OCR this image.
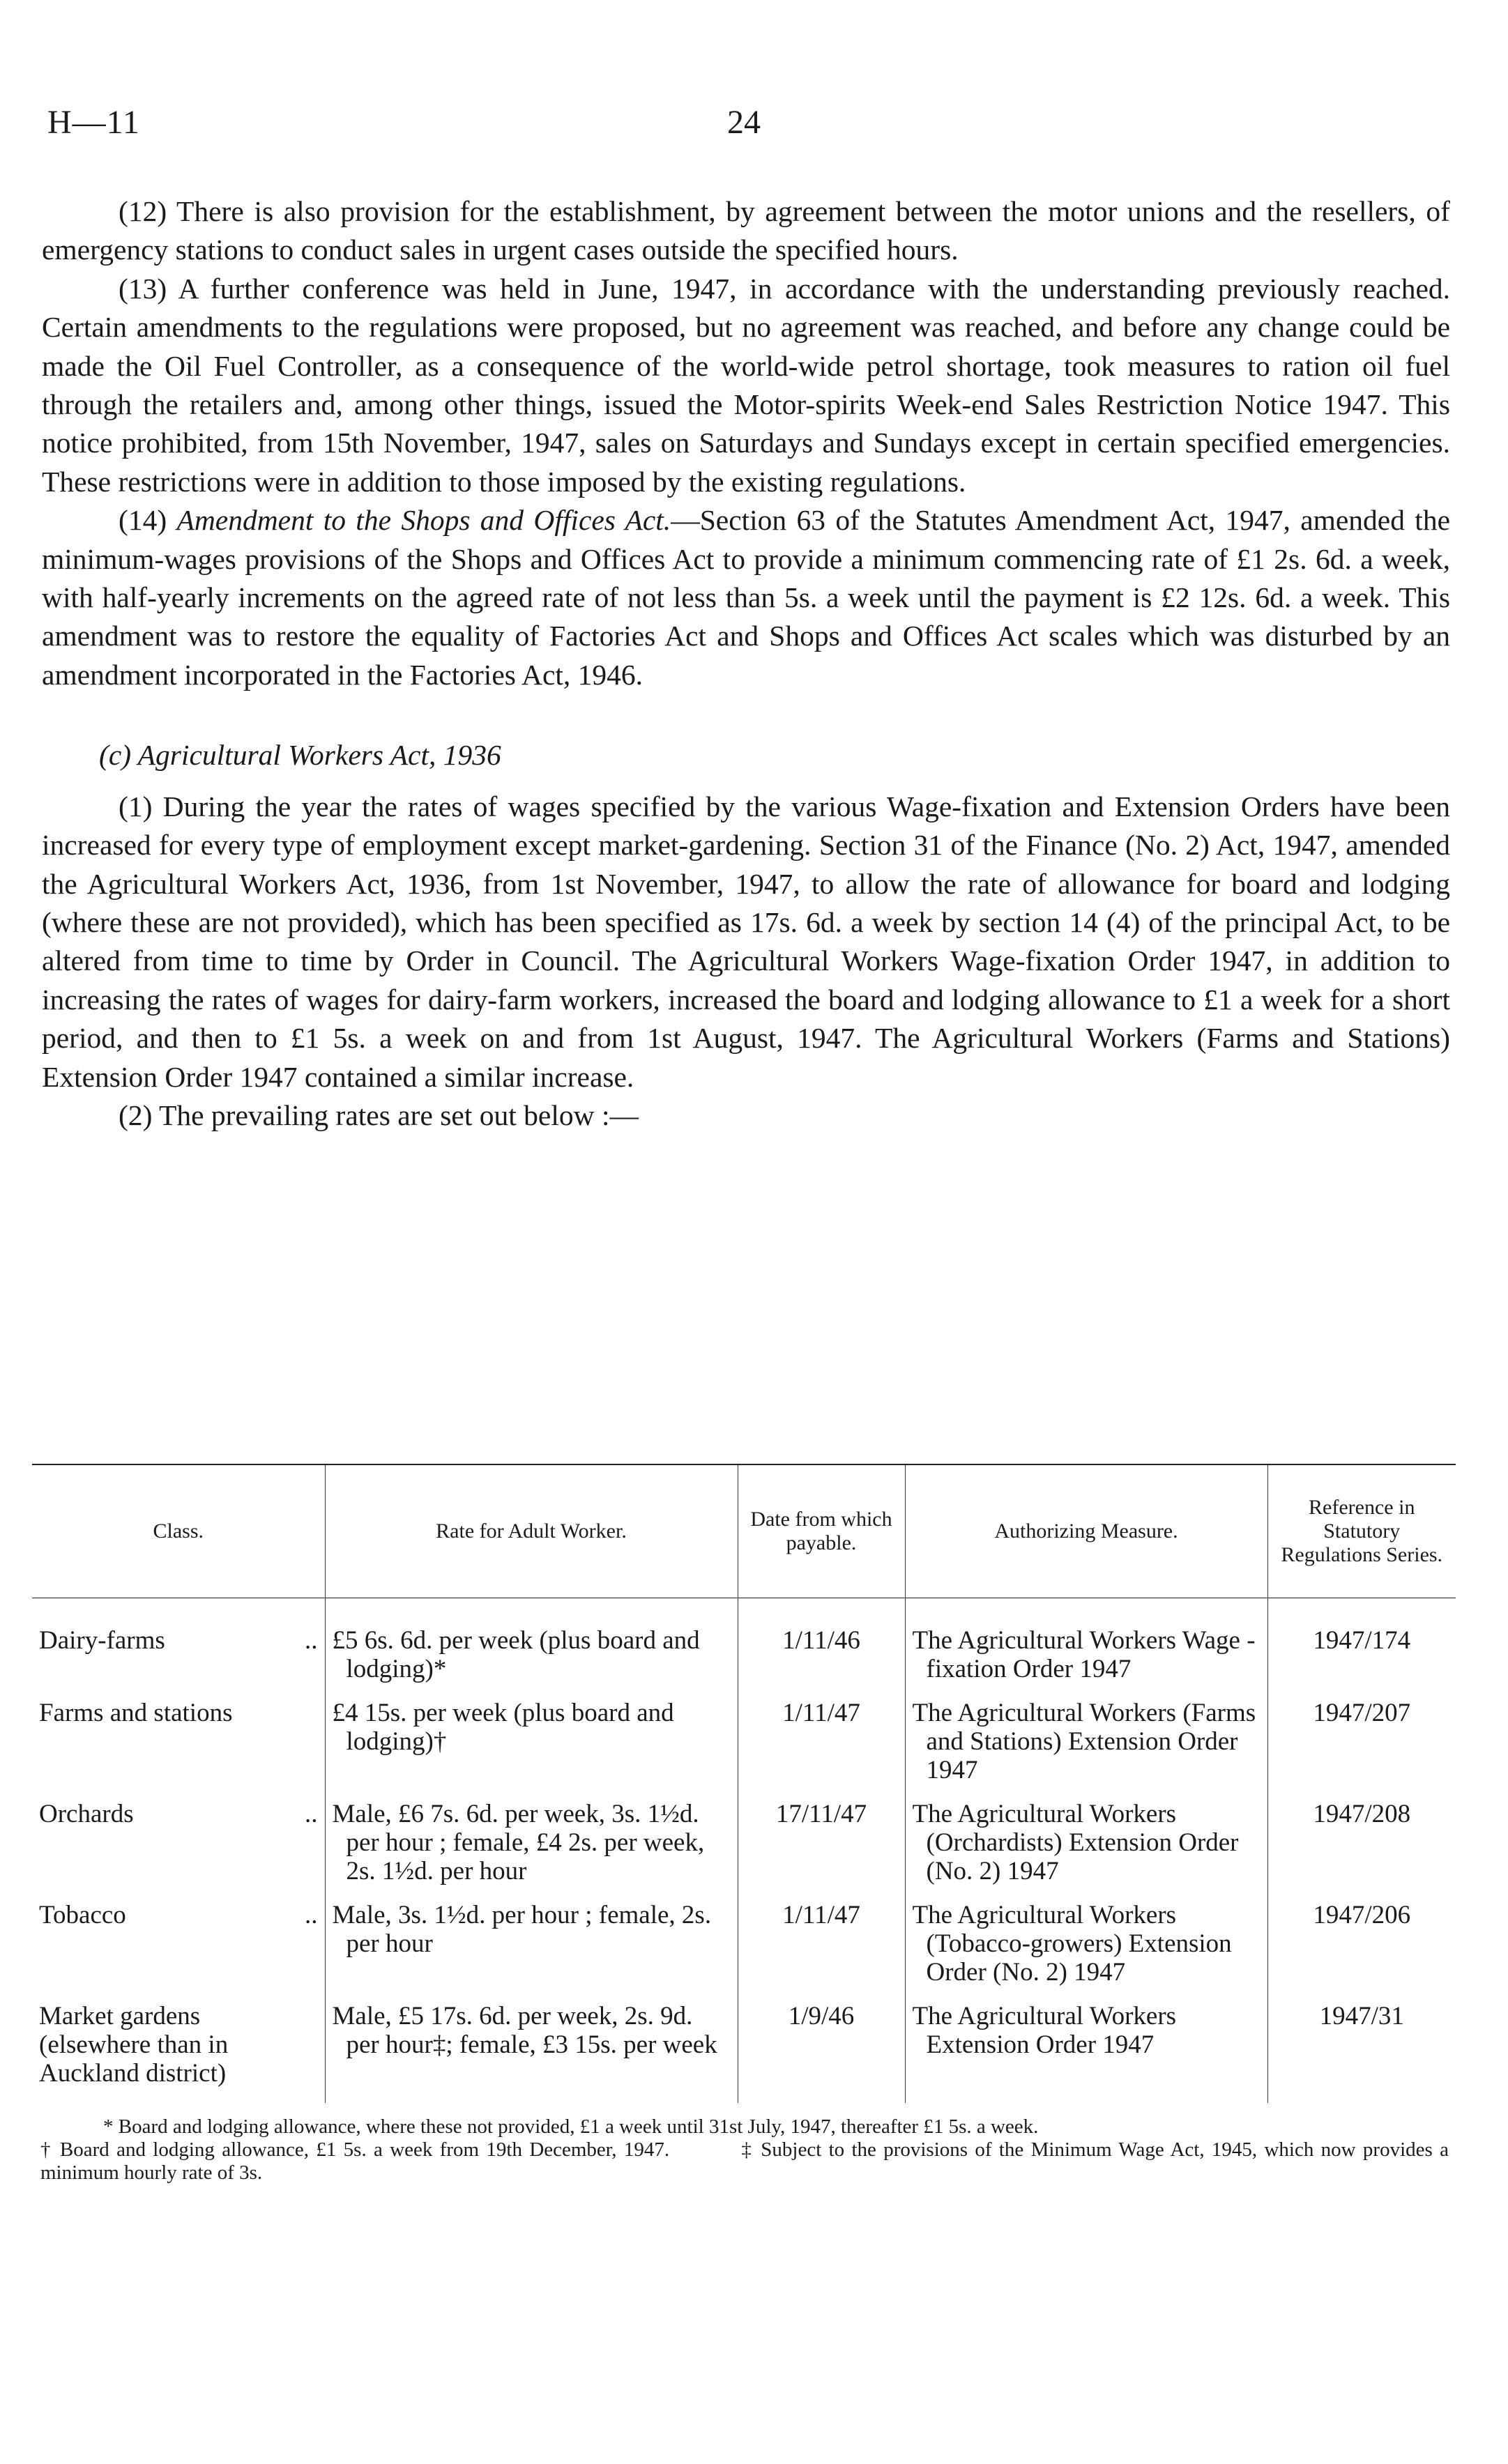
H—11	24

(12) There is also provision for the establishment, by agreement between the motor unions and the resellers, of emergency stations to conduct sales in urgent cases outside the specified hours.

(13) A further conference was held in June, 1947, in accordance with the understanding previously reached. Certain amendments to the regulations were proposed, but no agreement was reached, and before any change could be made the Oil Fuel Controller, as a consequence of the world-wide petrol shortage, took measures to ration oil fuel through the retailers and, among other things, issued the Motor-spirits Week-end Sales Restriction Notice 1947. This notice prohibited, from 15th November, 1947, sales on Saturdays and Sundays except in certain specified emergencies. These restrictions were in addition to those imposed by the existing regulations.

(14) Amendment to the Shops and Offices Act.—Section 63 of the Statutes Amendment Act, 1947, amended the minimum-wages provisions of the Shops and Offices Act to provide a minimum commencing rate of £1 2s. 6d. a week, with half-yearly increments on the agreed rate of not less than 5s. a week until the payment is £2 12s. 6d. a week. This amendment was to restore the equality of Factories Act and Shops and Offices Act scales which was disturbed by an amendment incorporated in the Factories Act, 1946.

(c) Agricultural Workers Act, 1936

(1) During the year the rates of wages specified by the various Wage-fixation and Extension Orders have been increased for every type of employment except market-gardening. Section 31 of the Finance (No. 2) Act, 1947, amended the Agricultural Workers Act, 1936, from 1st November, 1947, to allow the rate of allowance for board and lodging (where these are not provided), which has been specified as 17s. 6d. a week by section 14 (4) of the principal Act, to be altered from time to time by Order in Council. The Agricultural Workers Wage-fixation Order 1947, in addition to increasing the rates of wages for dairy-farm workers, increased the board and lodging allowance to £1 a week for a short period, and then to £1 5s. a week on and from 1st August, 1947. The Agricultural Workers (Farms and Stations) Extension Order 1947 contained a similar increase.

(2) The prevailing rates are set out below :—

Class.	Rate for Adult Worker.	Date from which payable.	Authorizing Measure.	Reference in Statutory Regulations Series.

..
Dairy-farms	£5 6s. 6d. per week (plus board and lodging)*	1/11/46	The Agricultural Workers Wage - fixation Order 1947	1947/174

Farms and stations	£4 15s. per week (plus board and lodging)†	1/11/47	The Agricultural Workers (Farms and Stations) Extension Order 1947	1947/207

..
Orchards	Male, £6 7s. 6d. per week, 3s. 1½d. per hour ; female, £4 2s. per week, 2s. 1½d. per hour	17/11/47	The Agricultural Workers (Orchardists) Extension Order (No. 2) 1947	1947/208

..
Tobacco	Male, 3s. 1½d. per hour ; female, 2s. per hour	1/11/47	The Agricultural Workers (Tobacco-growers) Extension Order (No. 2) 1947	1947/206

Market gardens (elsewhere than in Auckland district)	Male, £5 17s. 6d. per week, 2s. 9d. per hour‡; female, £3 15s. per week	1/9/46	The Agricultural Workers Extension Order 1947	1947/31

* Board and lodging allowance, where these not provided, £1 a week until 31st July, 1947, thereafter £1 5s. a week.

† Board and lodging allowance, £1 5s. a week from 19th December, 1947.	‡ Subject to the provisions of the Minimum Wage Act, 1945, which now provides a minimum hourly rate of 3s.
